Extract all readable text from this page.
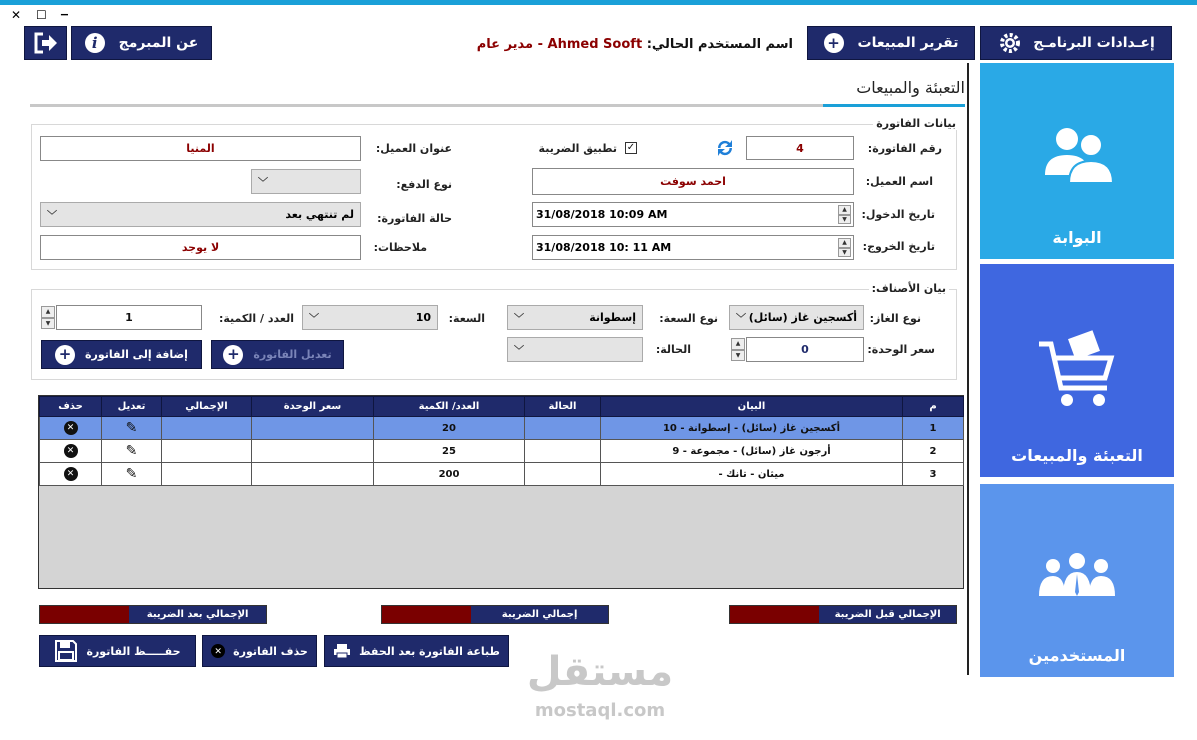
✕ ☐ ▁
إعـدادات البرنامـج
تقرير المبيعات
+
اسم المستخدم الحالي: Ahmed Sooft - مدير عام
عن المبرمج
i
التعبئة والمبيعات
البوابة
التعبئة والمبيعات
المستخدمين
بيانات الفاتورة
رقم الفاتورة:
4
✓
تطبيق الضريبة
عنوان العميل:
المنيا
اسم العميل:
احمد سوفت
نوع الدفع:
﹀
تاريخ الدخول:
31/08/2018 10:09 AM	▲
▼
حالة الفاتورة:
﹀	لم تنتهي بعد
تاريخ الخروج:
31/08/2018 10: 11 AM	▲
▼
ملاحظات:
لا يوجد
بيان الأصناف:
نوع الغاز:
﹀ أكسجين غاز (سائل)
نوع السعة:
﹀	إسطوانة
السعة:
﹀	10
العدد / الكمية:
1
▲
▼
سعر الوحدة:
0
▲
▼
الحالة:
﹀
تعديل الفاتورة
+
إضافة إلى الفاتورة
+
م	البيان	الحالة	العدد/ الكمية	سعر الوحدة	الإجمالي	تعديل	حذف
1	أكسجين غاز (سائل) - إسطوانة - 10		20			✎	✕
2	أرجون غاز (سائل) - مجموعة - 9		25			✎	✕
3	ميثان - تانك -		200			✎	✕
الإجمالي قبل الضريبة
إجمالي الضريبة
الإجمالي بعد الضريبة
طباعة الفاتورة بعد الحفظ
حذف الفاتورة
✕
حفـــــظ الفاتورة	مستقل
mostaql.com
